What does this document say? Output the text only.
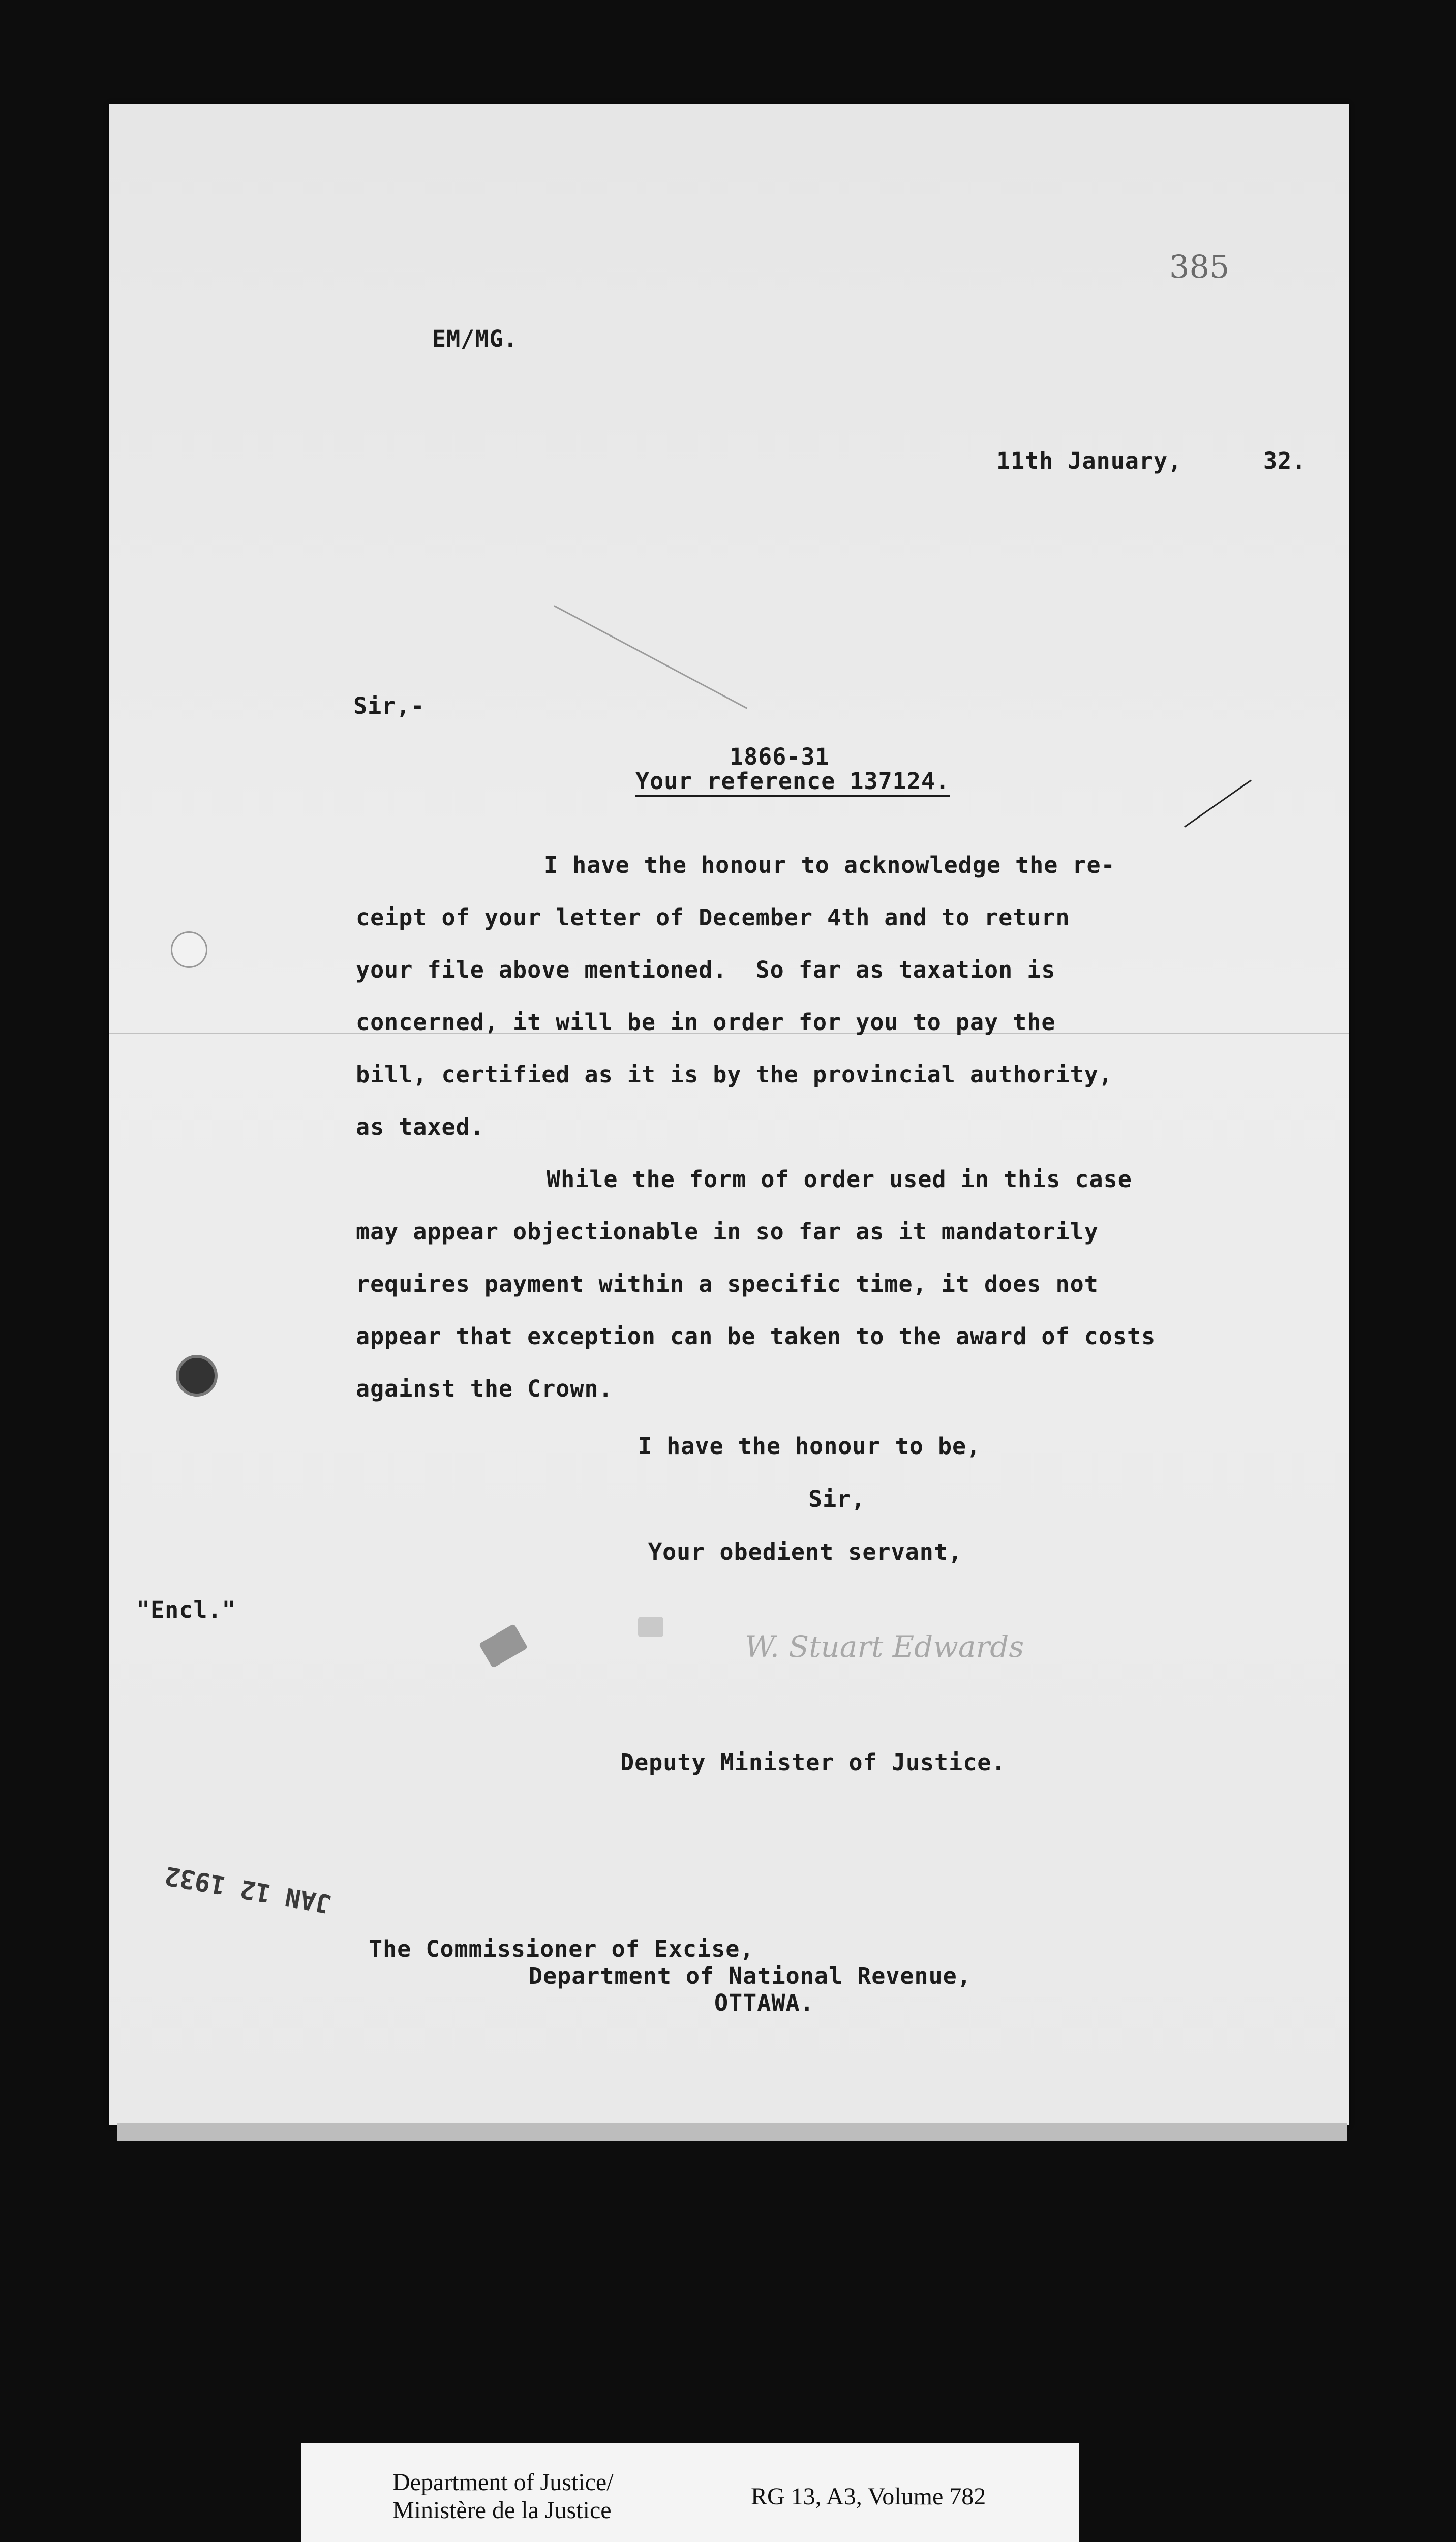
385
EM/MG.
11th January,	32.
Sir,-
1866-31
Your reference 137124.
I have the honour to acknowledge the re-
ceipt of your letter of December 4th and to return
your file above mentioned.  So far as taxation is
concerned, it will be in order for you to pay the
bill, certified as it is by the provincial authority,
as taxed.
While the form of order used in this case
may appear objectionable in so far as it mandatorily
requires payment within a specific time, it does not
appear that exception can be taken to the award of costs
against the Crown.
I have the honour to be,
Sir,
Your obedient servant,
"Encl."
W. Stuart Edwards
Deputy Minister of Justice.
JAN 12 1932
The Commissioner of Excise,
Department of National Revenue,
OTTAWA.
Department of Justice/
Ministère de la Justice
RG 13, A3, Volume 782
